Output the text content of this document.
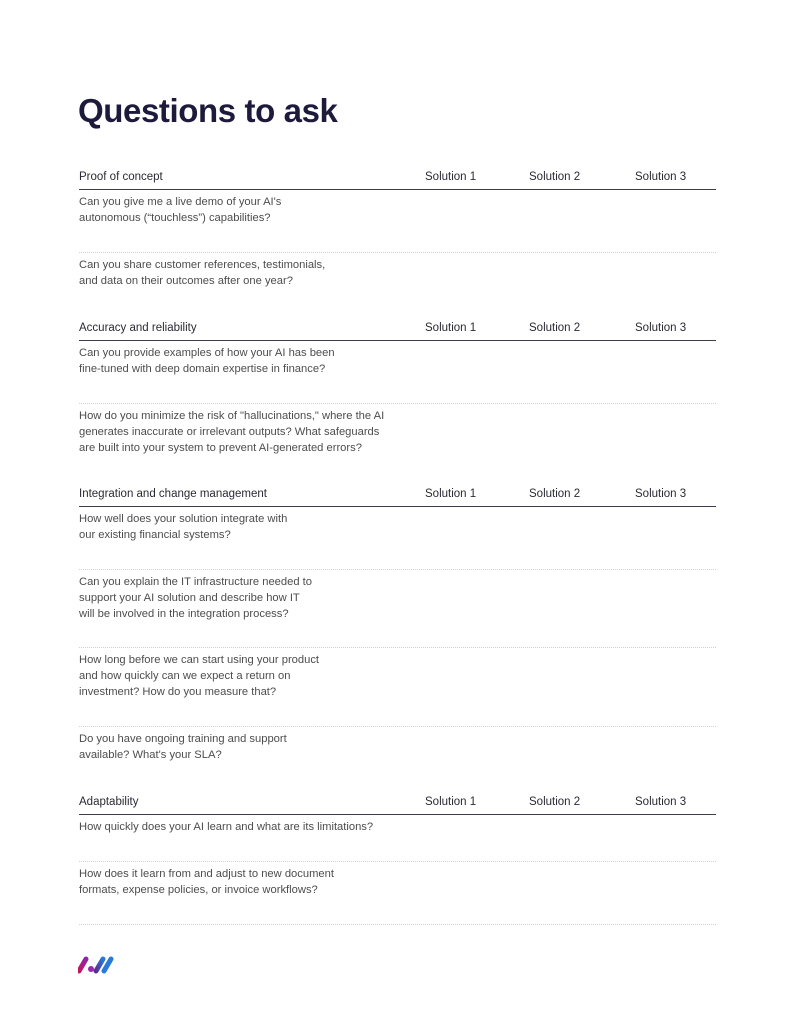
Questions to ask
Proof of concept	Solution 1	Solution 2	Solution 3

Can you give me a live demo of your AI's
autonomous (“touchless”) capabilities?

Can you share customer references, testimonials,
and data on their outcomes after one year?

Accuracy and reliability	Solution 1	Solution 2	Solution 3

Can you provide examples of how your AI has been
fine-tuned with deep domain expertise in finance?

How do you minimize the risk of "hallucinations," where the AI
generates inaccurate or irrelevant outputs? What safeguards
are built into your system to prevent AI-generated errors?

Integration and change management	Solution 1	Solution 2	Solution 3

How well does your solution integrate with
our existing financial systems?

Can you explain the IT infrastructure needed to
support your AI solution and describe how IT
will be involved in the integration process?

How long before we can start using your product
and how quickly can we expect a return on
investment? How do you measure that?

Do you have ongoing training and support
available? What's your SLA?

Adaptability	Solution 1	Solution 2	Solution 3

How quickly does your AI learn and what are its limitations?

How does it learn from and adjust to new document
formats, expense policies, or invoice workflows?
